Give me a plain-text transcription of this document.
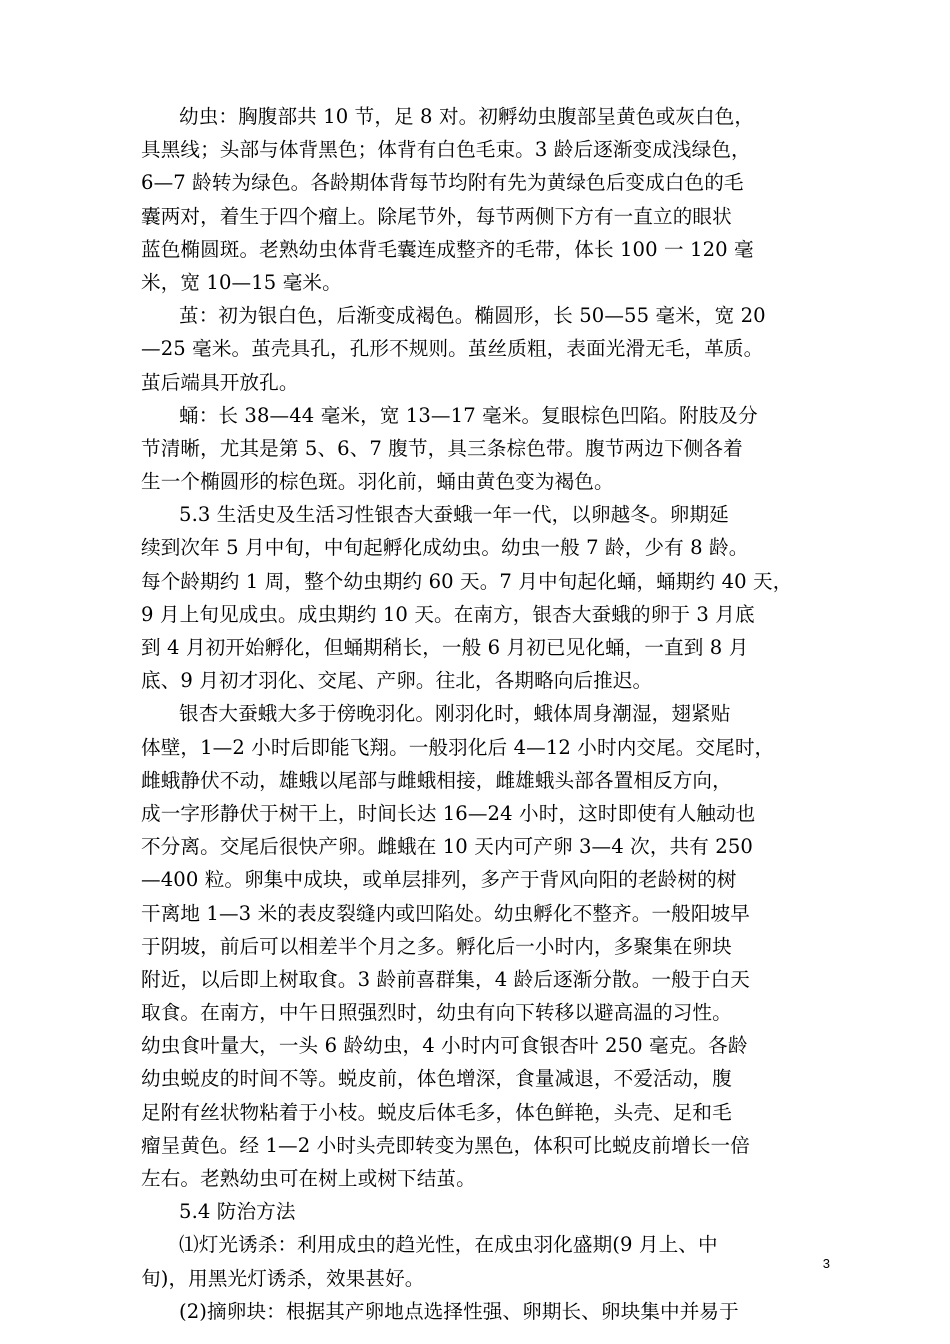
幼虫：胸腹部共 10 节，足 8 对。初孵幼虫腹部呈黄色或灰白色，
具黑线；头部与体背黑色；体背有白色毛束。3 龄后逐渐变成浅绿色，
6—7 龄转为绿色。各龄期体背每节均附有先为黄绿色后变成白色的毛
囊两对，着生于四个瘤上。除尾节外，每节两侧下方有一直立的眼状
蓝色椭圆斑。老熟幼虫体背毛囊连成整齐的毛带，体长 100 一 120 毫
米，宽 10—15 毫米。
茧：初为银白色，后渐变成褐色。椭圆形，长 50—55 毫米，宽 20
—25 毫米。茧壳具孔，孔形不规则。茧丝质粗，表面光滑无毛，革质。
茧后端具开放孔。
蛹：长 38—44 毫米，宽 13—17 毫米。复眼棕色凹陷。附肢及分
节清晰，尤其是第 5、6、7 腹节，具三条棕色带。腹节两边下侧各着
生一个椭圆形的棕色斑。羽化前，蛹由黄色变为褐色。
5.3 生活史及生活习性银杏大蚕蛾一年一代，以卵越冬。卵期延
续到次年 5 月中旬，中旬起孵化成幼虫。幼虫一般 7 龄，少有 8 龄。
每个龄期约 1 周，整个幼虫期约 60 天。7 月中旬起化蛹，蛹期约 40 天，
9 月上旬见成虫。成虫期约 10 天。在南方，银杏大蚕蛾的卵于 3 月底
到 4 月初开始孵化，但蛹期稍长，一般 6 月初已见化蛹，一直到 8 月
底、9 月初才羽化、交尾、产卵。往北，各期略向后推迟。
银杏大蚕蛾大多于傍晚羽化。刚羽化时，蛾体周身潮湿，翅紧贴
体壁，1—2 小时后即能飞翔。一般羽化后 4—12 小时内交尾。交尾时，
雌蛾静伏不动，雄蛾以尾部与雌蛾相接，雌雄蛾头部各置相反方向，
成一字形静伏于树干上，时间长达 16—24 小时，这时即使有人触动也
不分离。交尾后很快产卵。雌蛾在 10 天内可产卵 3—4 次，共有 250
—400 粒。卵集中成块，或单层排列，多产于背风向阳的老龄树的树
干离地 1—3 米的表皮裂缝内或凹陷处。幼虫孵化不整齐。一般阳坡早
于阴坡，前后可以相差半个月之多。孵化后一小时内，多聚集在卵块
附近，以后即上树取食。3 龄前喜群集，4 龄后逐渐分散。一般于白天
取食。在南方，中午日照强烈时，幼虫有向下转移以避高温的习性。
幼虫食叶量大，一头 6 龄幼虫，4 小时内可食银杏叶 250 毫克。各龄
幼虫蜕皮的时间不等。蜕皮前，体色增深，食量减退，不爱活动，腹
足附有丝状物粘着于小枝。蜕皮后体毛多，体色鲜艳，头壳、足和毛
瘤呈黄色。经 1—2 小时头壳即转变为黑色，体积可比蜕皮前增长一倍
左右。老熟幼虫可在树上或树下结茧。
5.4 防治方法
⑴灯光诱杀：利用成虫的趋光性，在成虫羽化盛期(9 月上、中
旬)，用黑光灯诱杀，效果甚好。
(2)摘卵块：根据其产卵地点选择性强、卵期长、卵块集中并易于
3
